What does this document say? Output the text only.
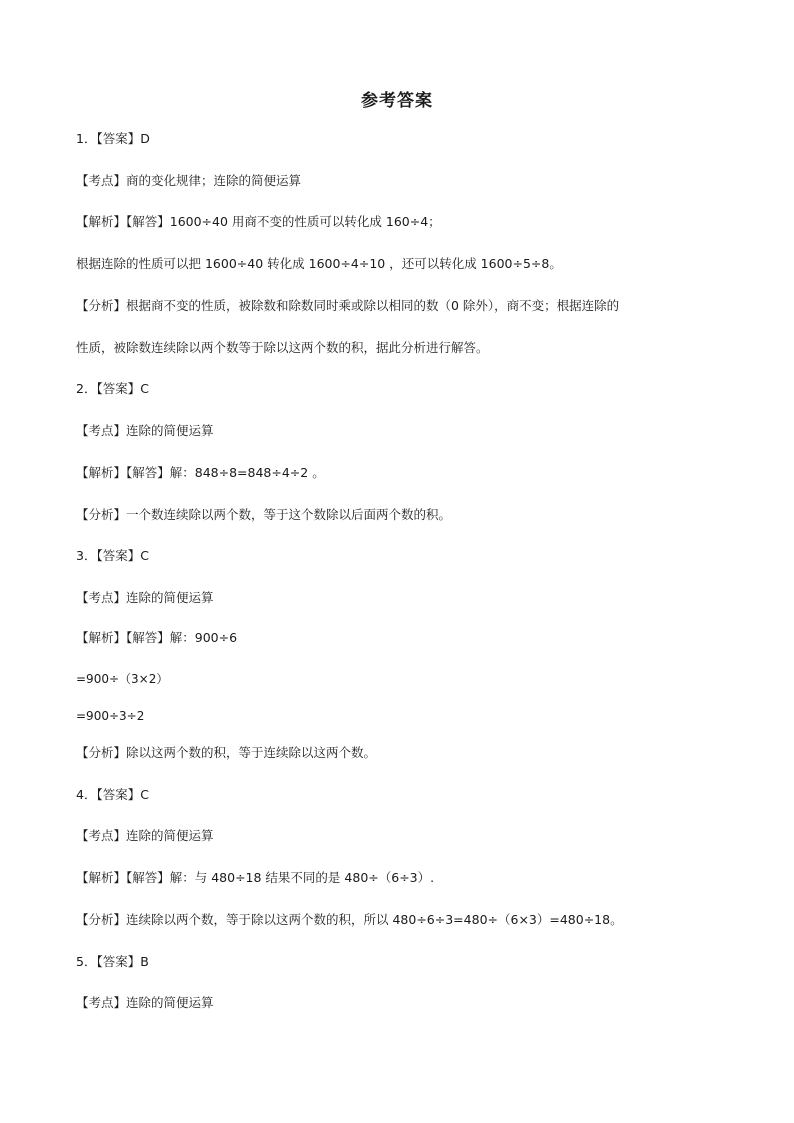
参考答案
1．【答案】D
【考点】商的变化规律；连除的简便运算
【解析】【解答】1600÷40 用商不变的性质可以转化成 160÷4；
根据连除的性质可以把 1600÷40 转化成 1600÷4÷10 ，还可以转化成 1600÷5÷8。
【分析】根据商不变的性质，被除数和除数同时乘或除以相同的数（0 除外），商不变；根据连除的
性质，被除数连续除以两个数等于除以这两个数的积，据此分析进行解答。
2．【答案】C
【考点】连除的简便运算
【解析】【解答】解：848÷8=848÷4÷2 。
【分析】一个数连续除以两个数，等于这个数除以后面两个数的积。
3．【答案】C
【考点】连除的简便运算
【解析】【解答】解：900÷6
=900÷（3×2）
=900÷3÷2
【分析】除以这两个数的积，等于连续除以这两个数。
4．【答案】C
【考点】连除的简便运算
【解析】【解答】解：与 480÷18 结果不同的是 480÷（6÷3）.
【分析】连续除以两个数，等于除以这两个数的积，所以 480÷6÷3=480÷（6×3）=480÷18。
5．【答案】B
【考点】连除的简便运算
